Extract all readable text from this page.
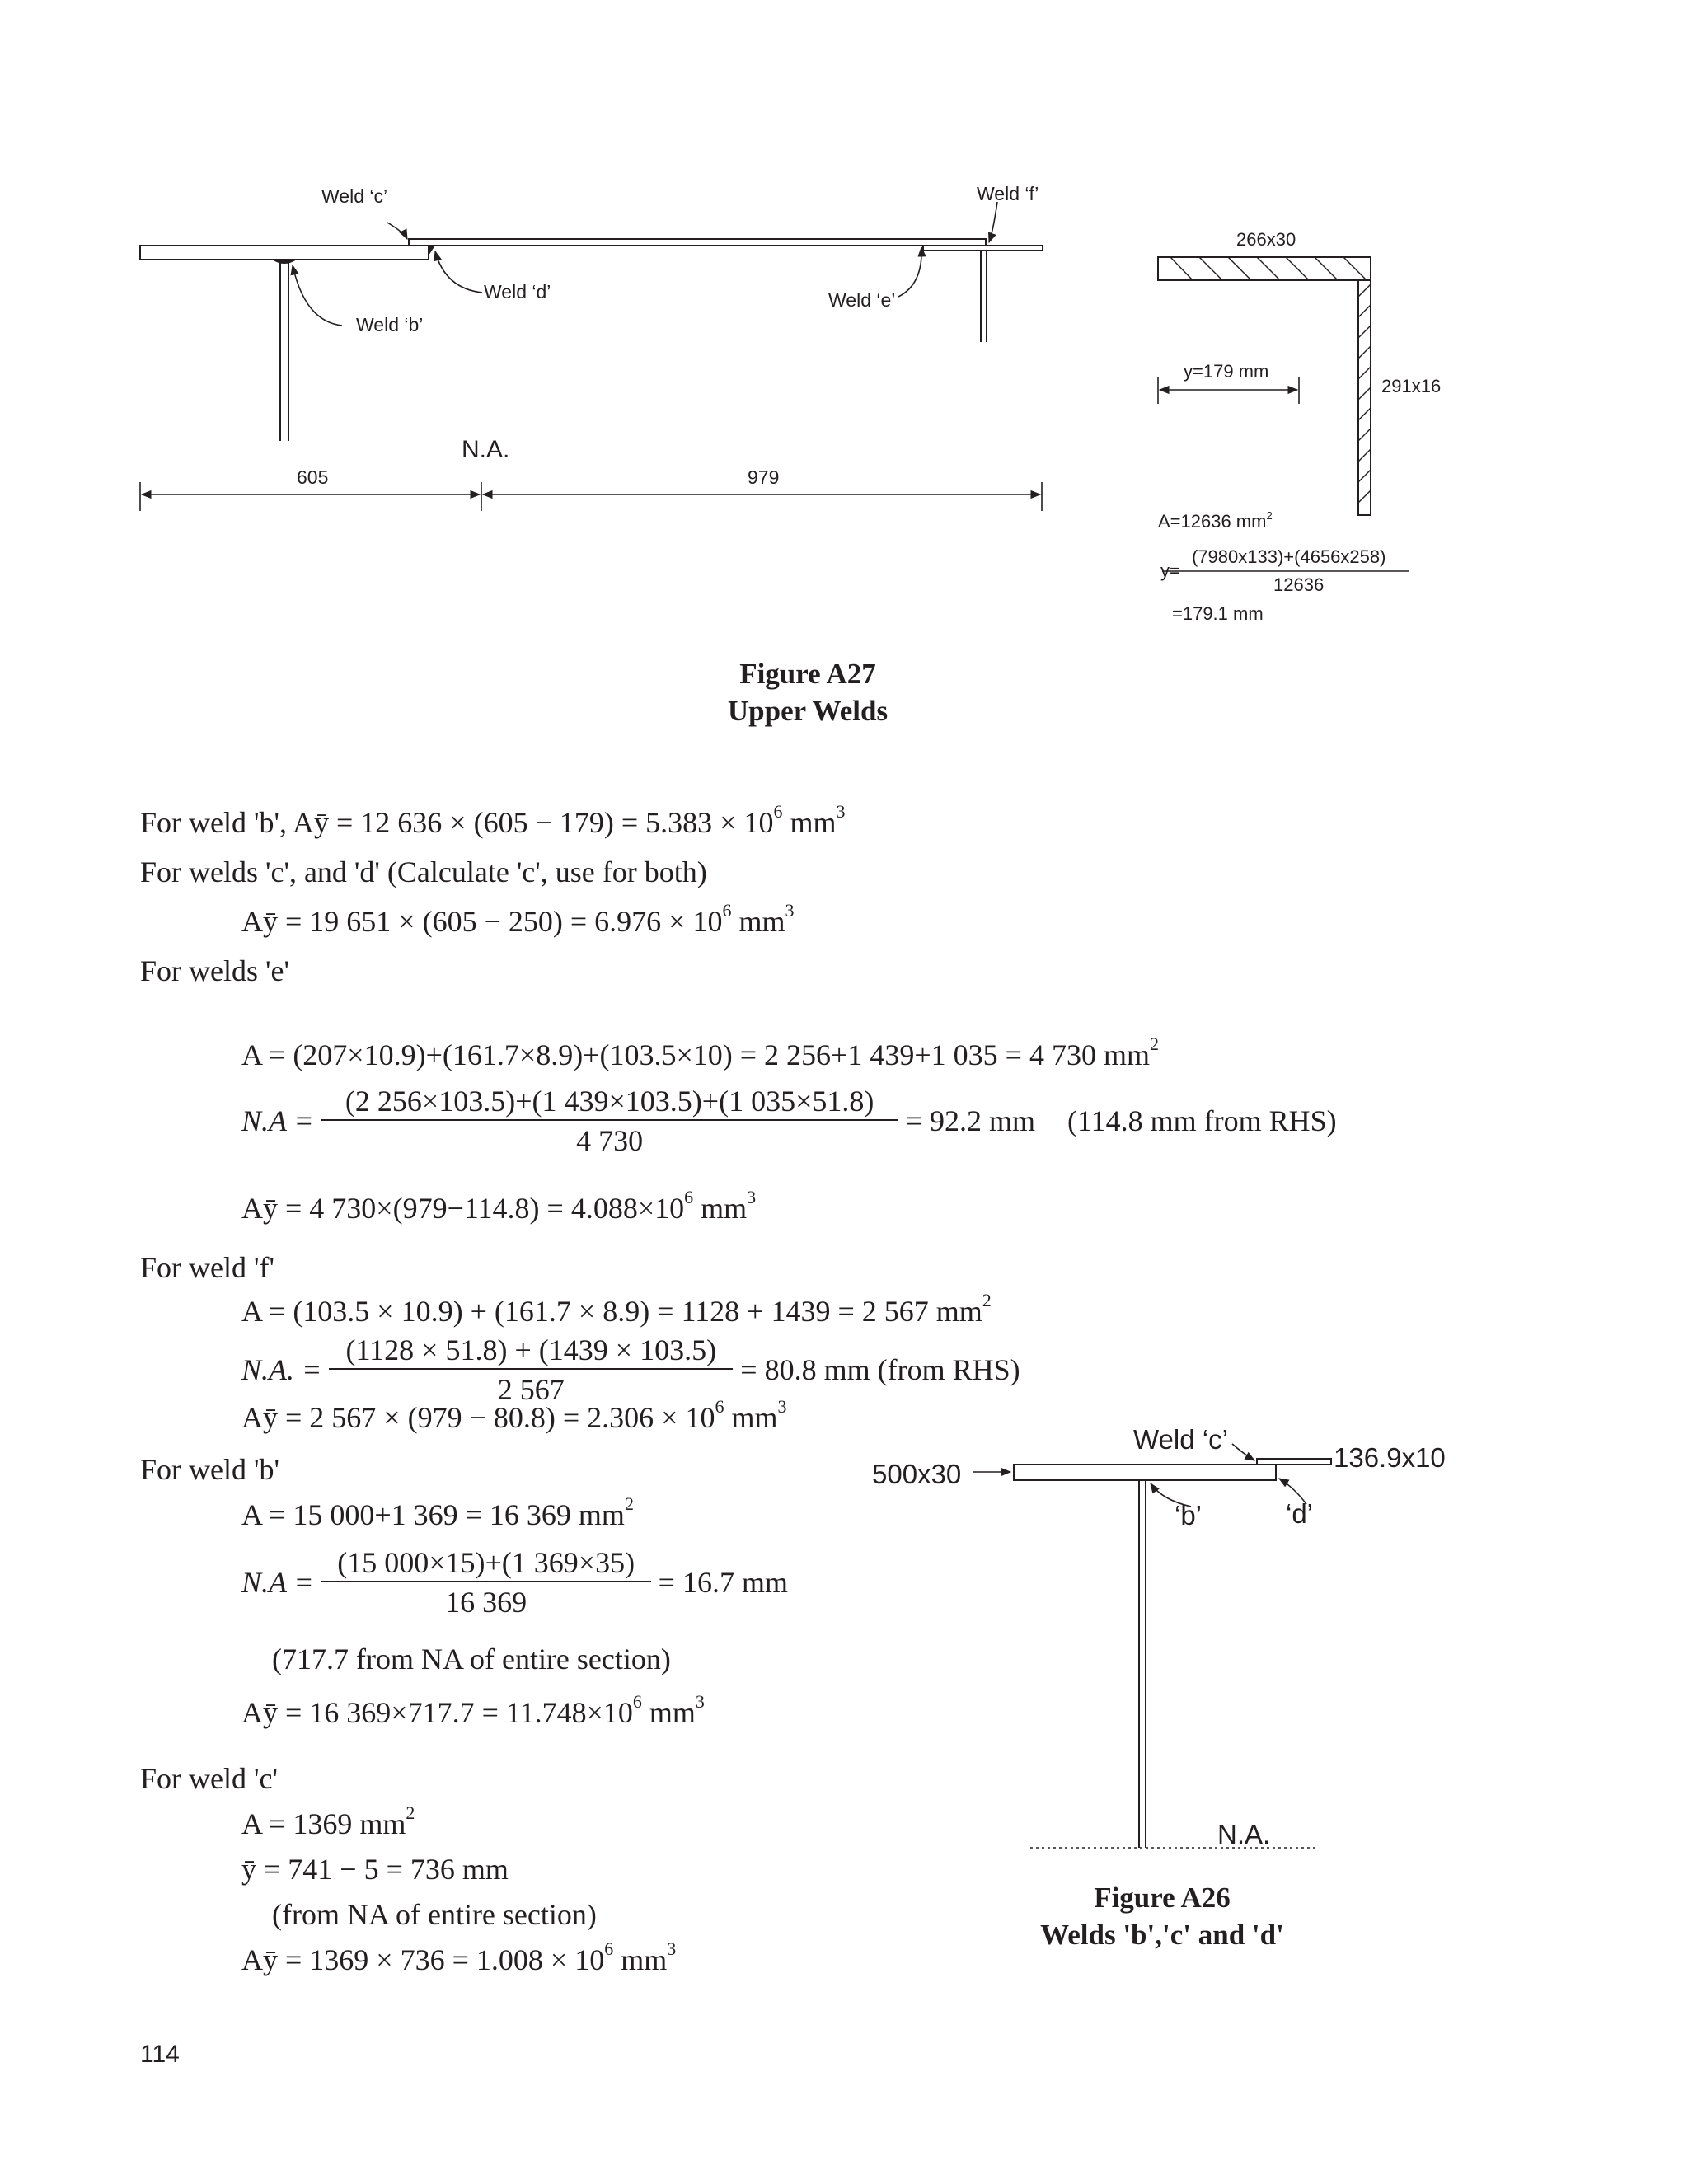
Weld ‘c’	Weld ‘f’
Weld ‘d’
Weld ‘b’
Weld ‘e’
N.A.
605	979
266x30
291x16
y=179 mm
A=12636 $mm^2$
y=
(7980x133)+(4656x258)
12636
=179.1 mm
Figure A27
Upper Welds
For weld 'b', Aȳ = 12 $636 \times (605 - 179) = 5.383 \times 10^6$ $mm^3$
For welds 'c', and 'd' (Calculate 'c', use for both)
Aȳ = 19 $651 \times (605 - 250) = 6.976 \times 10^6$ $mm^3$
For welds 'e'
A = (207×10.9)+(161.7×8.9)+(103.5×10) = 2 256+1 439+1 035 = 4 730 $mm^2$
$N.A = \frac{(2 256\times 103.5)+(1 439\times 103.5)+(1 035\times 51.8)}{4 730} = 92.2$ mm (114.8 mm from RHS)
Aȳ = 4 $730\times(979-114.8) = 4.088\times 10^6$ $mm^3$
For weld 'f'
A = (103.5 × 10.9) + (161.7 × 8.9) = 1128 + 1439 = 2 567 $mm^2$
N.A. = $\frac{(1128 \times 51.8) + (1439 \times 103.5)}{2 567} = 80.8$ mm (from RHS)
Aȳ = 2 $567 \times (979 - 80.8) = 2.306 \times 10^6$ $mm^3$
For weld 'b'
A = 15 000+1 369 = 16 369 $mm^2$
$N.A = \frac{(15 000\times 15)+(1 369\times 35)}{16 369} = 16.7$ mm
(717.7 from NA of entire section)
Aȳ = 16 $369\times 717.7 = 11.748\times 10^6$ $mm^3$
For weld 'c'
A = 1369 $mm^2$
ȳ = 741 − 5 = 736 mm
(from NA of entire section)
Aȳ = $1369 \times 736 = 1.008 \times 10^6$ $mm^3$
Weld ‘c’
136.9x10
500x30
‘b’	‘d’
N.A.
Figure A26
Welds 'b','c' and 'd'
114
